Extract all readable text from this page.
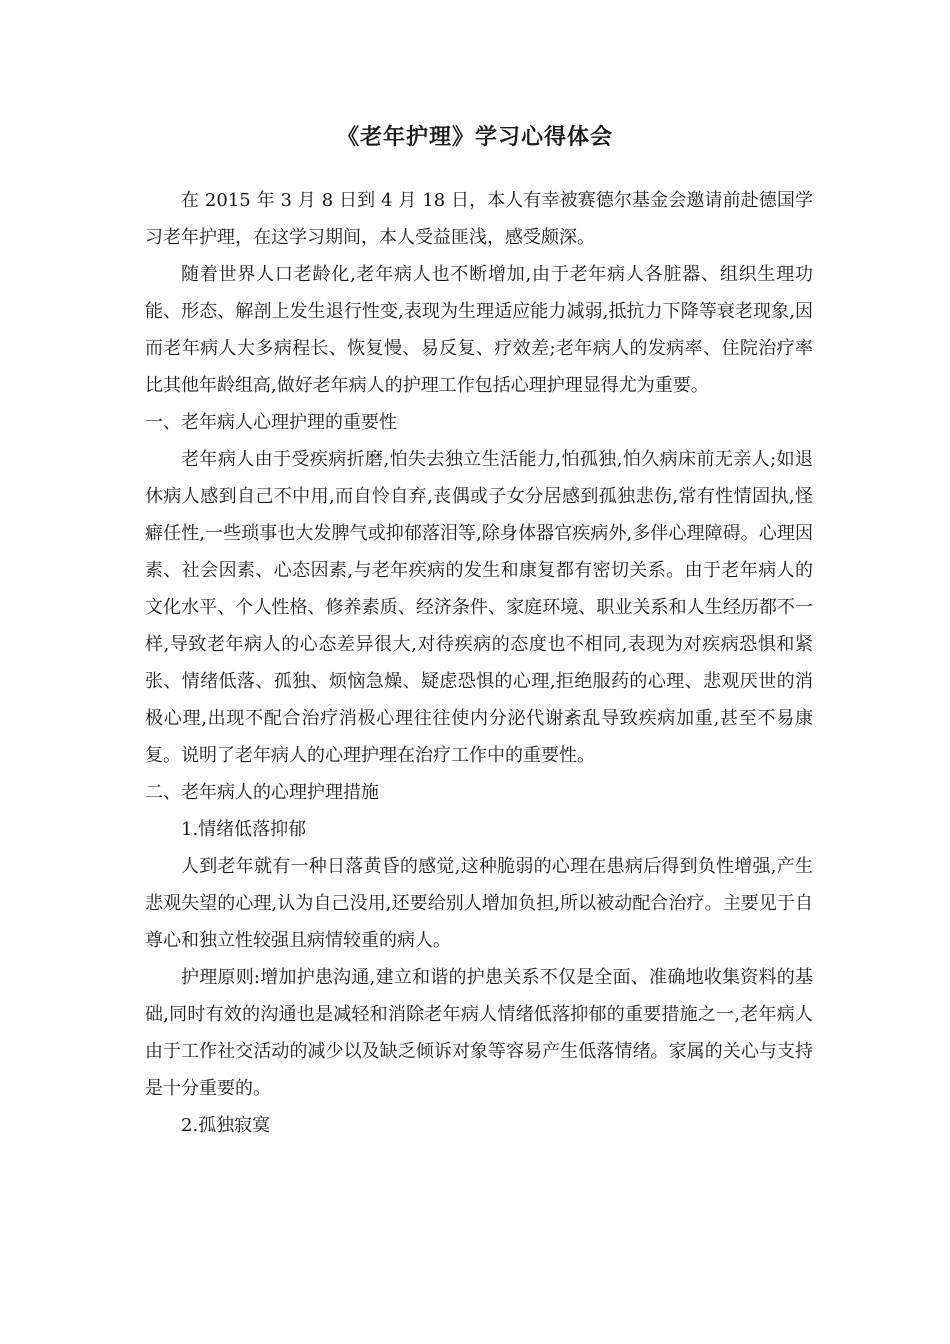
《老年护理》学习心得体会

在 2015 年 3 月 8 日到 4 月 18 日，本人有幸被赛德尔基金会邀请前赴德国学习老年护理，在这学习期间，本人受益匪浅，感受颇深。

随着世界人口老龄化,老年病人也不断增加,由于老年病人各脏器、组织生理功能、形态、解剖上发生退行性变,表现为生理适应能力减弱,抵抗力下降等衰老现象,因而老年病人大多病程长、恢复慢、易反复、疗效差;老年病人的发病率、住院治疗率比其他年龄组高,做好老年病人的护理工作包括心理护理显得尤为重要。

一、老年病人心理护理的重要性

老年病人由于受疾病折磨,怕失去独立生活能力,怕孤独,怕久病床前无亲人;如退休病人感到自己不中用,而自怜自弃,丧偶或子女分居感到孤独悲伤,常有性情固执,怪癖任性,一些琐事也大发脾气或抑郁落泪等,除身体器官疾病外,多伴心理障碍。心理因素、社会因素、心态因素,与老年疾病的发生和康复都有密切关系。由于老年病人的文化水平、个人性格、修养素质、经济条件、家庭环境、职业关系和人生经历都不一样,导致老年病人的心态差异很大,对待疾病的态度也不相同,表现为对疾病恐惧和紧张、情绪低落、孤独、烦恼急燥、疑虑恐惧的心理,拒绝服药的心理、悲观厌世的消极心理,出现不配合治疗消极心理往往使内分泌代谢紊乱导致疾病加重,甚至不易康复。说明了老年病人的心理护理在治疗工作中的重要性。

二、老年病人的心理护理措施

1.情绪低落抑郁

人到老年就有一种日落黄昏的感觉,这种脆弱的心理在患病后得到负性增强,产生悲观失望的心理,认为自己没用,还要给别人增加负担,所以被动配合治疗。主要见于自尊心和独立性较强且病情较重的病人。

护理原则:增加护患沟通,建立和谐的护患关系不仅是全面、准确地收集资料的基础,同时有效的沟通也是减轻和消除老年病人情绪低落抑郁的重要措施之一,老年病人由于工作社交活动的减少以及缺乏倾诉对象等容易产生低落情绪。家属的关心与支持是十分重要的。

2.孤独寂寞
